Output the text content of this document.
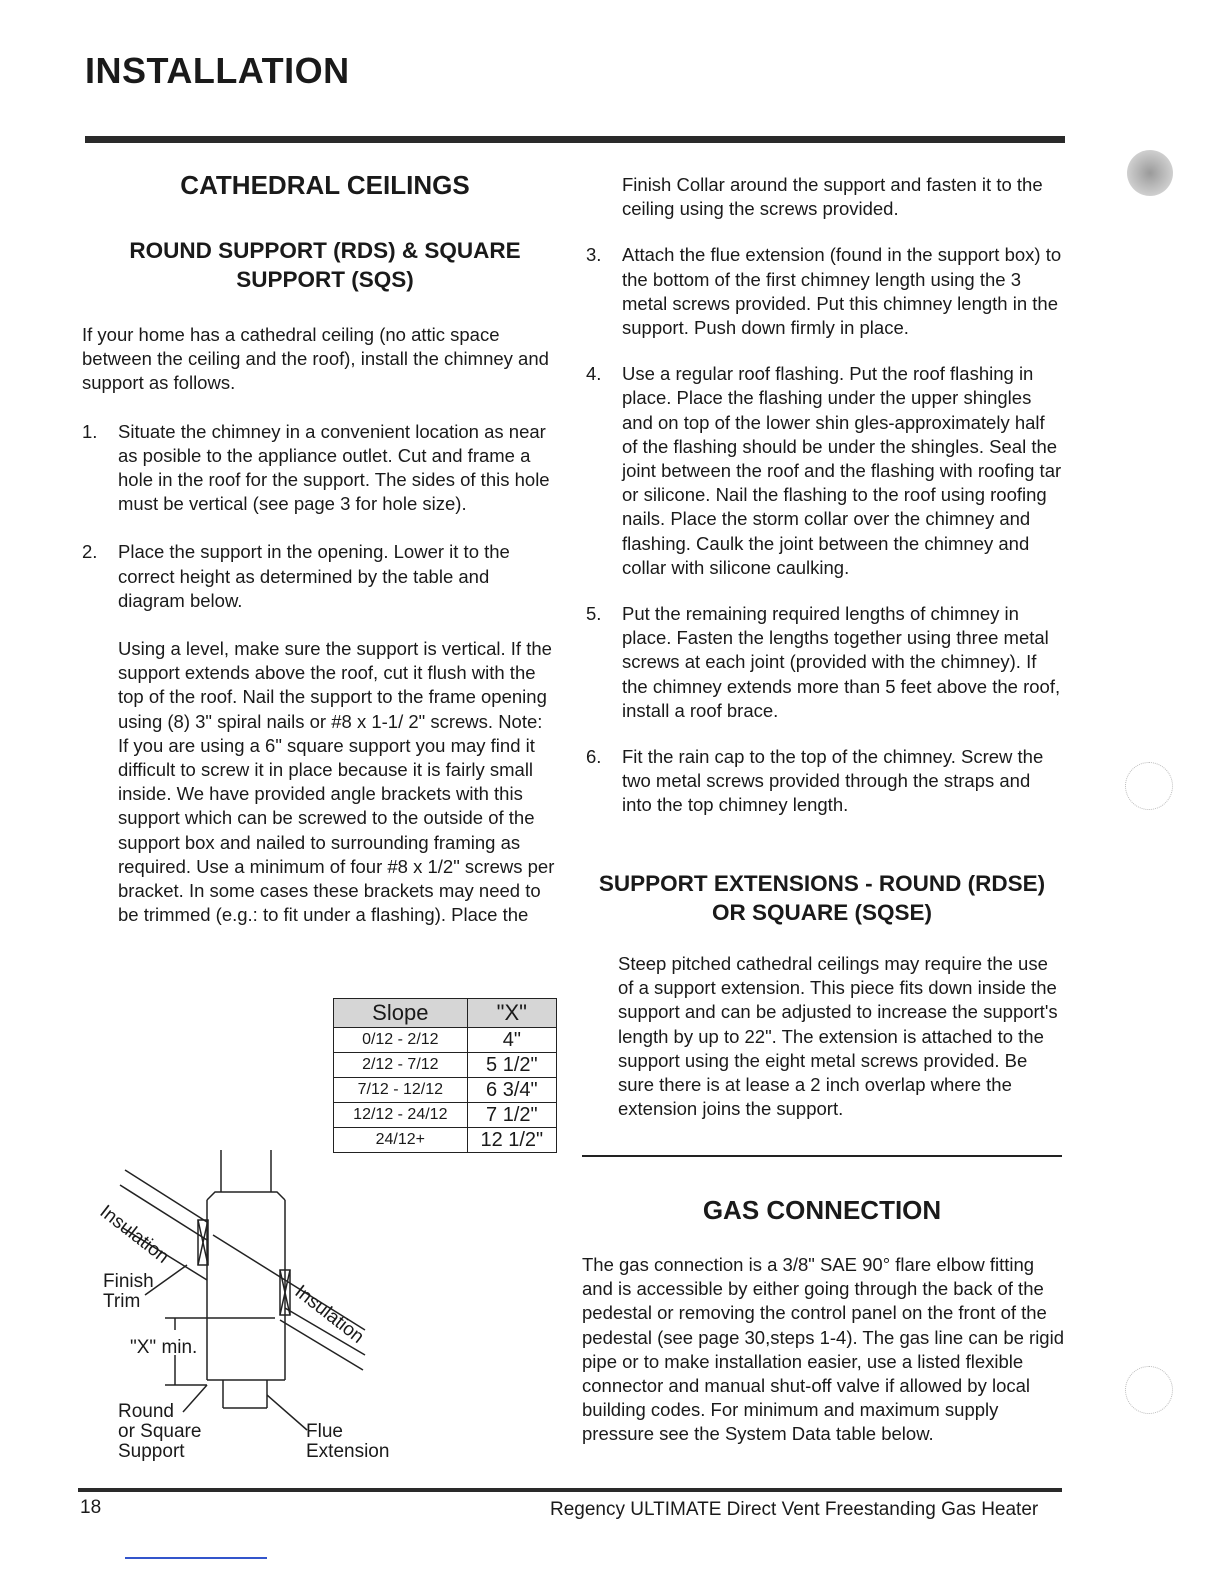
INSTALLATION
CATHEDRAL CEILINGS
ROUND SUPPORT (RDS) & SQUARE SUPPORT (SQS)

If your home has a cathedral ceiling (no attic space between the ceiling and the roof), install the chimney and support as follows.

1.	Situate the chimney in a convenient location as near as posible to the appliance outlet. Cut and frame a hole in the roof for the support. The sides of this hole must be vertical (see page 3 for hole size).
2.	Place the support in the opening. Lower it to the correct height as determined by the table and diagram below.

Using a level, make sure the support is vertical. If the support extends above the roof, cut it flush with the top of the roof. Nail the support to the frame opening using (8) 3" spiral nails or #8 x 1-1/ 2" screws. Note: If you are using a 6" square support you may find it difficult to screw it in place because it is fairly small inside. We have provided angle brackets with this support which can be screwed to the outside of the support box and nailed to surrounding framing as required. Use a minimum of four #8 x 1/2" screws per bracket. In some cases these brackets may need to be trimmed (e.g.: to fit under a flashing). Place the

Slope	"X"
0/12 - 2/12	4"
2/12 - 7/12	5 1/2"
7/12 - 12/12	6 3/4"
12/12 - 24/12	7 1/2"
24/12+	12 1/2"
Insulation
Insulation
Finish
Trim
"X" min.
Round
or Square
Support
Flue
Extension

Finish Collar around the support and fasten it to the ceiling using the screws provided.

3.	Attach the flue extension (found in the support box) to the bottom of the first chimney length using the 3 metal screws provided. Put this chimney length in the support. Push down firmly in place.
4.	Use a regular roof flashing. Put the roof flashing in place. Place the flashing under the upper shingles and on top of the lower shin gles-approximately half of the flashing should be under the shingles. Seal the joint between the roof and the flashing with roofing tar or silicone. Nail the flashing to the roof using roofing nails. Place the storm collar over the chimney and flashing. Caulk the joint between the chimney and collar with silicone caulking.
5.	Put the remaining required lengths of chimney in place. Fasten the lengths together using three metal screws at each joint (provided with the chimney). If the chimney extends more than 5 feet above the roof, install a roof brace.
6.	Fit the rain cap to the top of the chimney. Screw the two metal screws provided through the straps and into the top chimney length.
SUPPORT EXTENSIONS - ROUND (RDSE) OR SQUARE (SQSE)
Steep pitched cathedral ceilings may require the use of a support extension. This piece fits down inside the support and can be adjusted to increase the support's length by up to 22". The extension is attached to the support using the eight metal screws provided. Be sure there is at lease a 2 inch overlap where the extension joins the support.
GAS CONNECTION
The gas connection is a 3/8" SAE 90° flare elbow fitting and is accessible by either going through the back of the pedestal or removing the control panel on the front of the pedestal (see page 30,steps 1-4). The gas line can be rigid pipe or to make installation easier, use a listed flexible connector and manual shut-off valve if allowed by local building codes. For minimum and maximum supply pressure see the System Data table below.
18	Regency ULTIMATE Direct Vent Freestanding Gas Heater
